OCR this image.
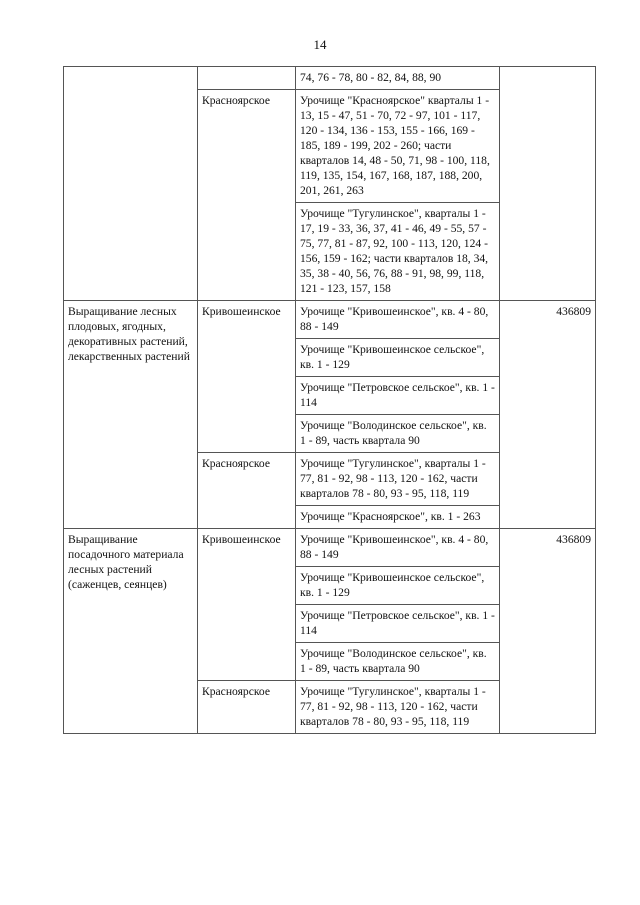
14
		74, 76 - 78, 80 - 82, 84, 88, 90	
	Красноярское	Урочище "Красноярское" кварталы 1 - 13, 15 - 47, 51 - 70, 72 - 97, 101 - 117, 120 - 134, 136 - 153, 155 - 166, 169 - 185, 189 - 199, 202 - 260; части кварталов 14, 48 - 50, 71, 98 - 100, 118, 119, 135, 154, 167, 168, 187, 188, 200, 201, 261, 263	
		Урочище "Тугулинское", кварталы 1 - 17, 19 - 33, 36, 37, 41 - 46, 49 - 55, 57 - 75, 77, 81 - 87, 92, 100 - 113, 120, 124 - 156, 159 - 162; части кварталов 18, 34, 35, 38 - 40, 56, 76, 88 - 91, 98, 99, 118, 121 - 123, 157, 158	
Выращивание лесных плодовых, ягодных, декоративных растений, лекарственных растений	Кривошеинское	Урочище "Кривошеинское", кв. 4 - 80, 88 - 149	436809
		Урочище "Кривошеинское сельское", кв. 1 - 129	
		Урочище "Петровское сельское", кв. 1 - 114	
		Урочище "Володинское сельское", кв. 1 - 89, часть квартала 90	
	Красноярское	Урочище "Тугулинское", кварталы 1 - 77, 81 - 92, 98 - 113, 120 - 162, части кварталов 78 - 80, 93 - 95, 118, 119	
		Урочище "Красноярское", кв. 1 - 263	
Выращивание посадочного материала лесных растений (саженцев, сеянцев)	Кривошеинское	Урочище "Кривошеинское", кв. 4 - 80, 88 - 149	436809
		Урочище "Кривошеинское сельское", кв. 1 - 129	
		Урочище "Петровское сельское", кв. 1 - 114	
		Урочище "Володинское сельское", кв. 1 - 89, часть квартала 90	
	Красноярское	Урочище "Тугулинское", кварталы 1 - 77, 81 - 92, 98 - 113, 120 - 162, части кварталов 78 - 80, 93 - 95, 118, 119	
